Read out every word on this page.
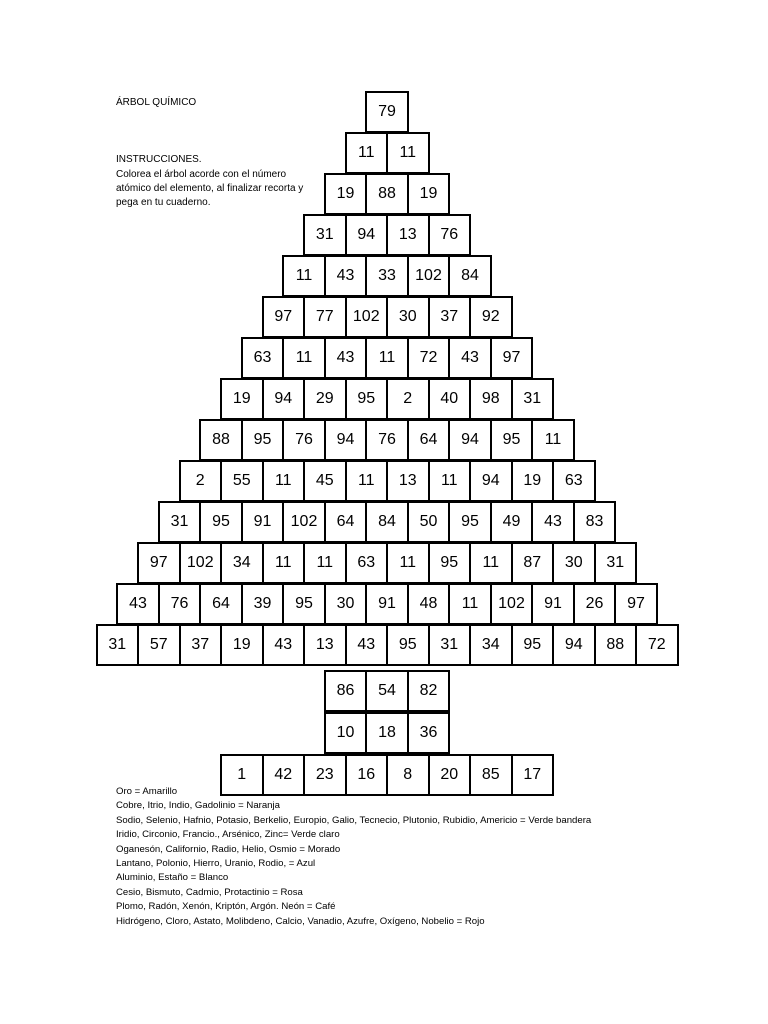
ÁRBOL QUÍMICO
INSTRUCCIONES.
Colorea el árbol acorde con el número atómico del elemento, al finalizar recorta y pega en tu cuaderno.
79
11	11
19	88	19
31	94	13	76
11	43	33	102	84
97	77	102	30	37	92
63	11	43	11	72	43	97
19	94	29	95	2	40	98	31
88	95	76	94	76	64	94	95	11
2	55	11	45	11	13	11	94	19	63
31	95	91	102	64	84	50	95	49	43	83
97	102	34	11	11	63	11	95	11	87	30	31
43	76	64	39	95	30	91	48	11	102	91	26	97
31	57	37	19	43	13	43	95	31	34	95	94	88	72
86	54	82
10	18	36
1	42	23	16	8	20	85	17
Oro = Amarillo
Cobre, Itrio, Indio, Gadolinio = Naranja
Sodio, Selenio, Hafnio, Potasio, Berkelio, Europio, Galio, Tecnecio, Plutonio, Rubidio, Americio = Verde bandera
Iridio, Circonio, Francio., Arsénico, Zinc= Verde claro
Oganesón, Californio, Radio, Helio, Osmio = Morado
Lantano, Polonio, Hierro, Uranio, Rodio, = Azul
Aluminio, Estaño = Blanco
Cesio, Bismuto, Cadmio, Protactinio = Rosa
Plomo, Radón, Xenón, Kriptón, Argón. Neón = Café
Hidrógeno, Cloro, Astato, Molibdeno, Calcio, Vanadio, Azufre, Oxígeno, Nobelio = Rojo
